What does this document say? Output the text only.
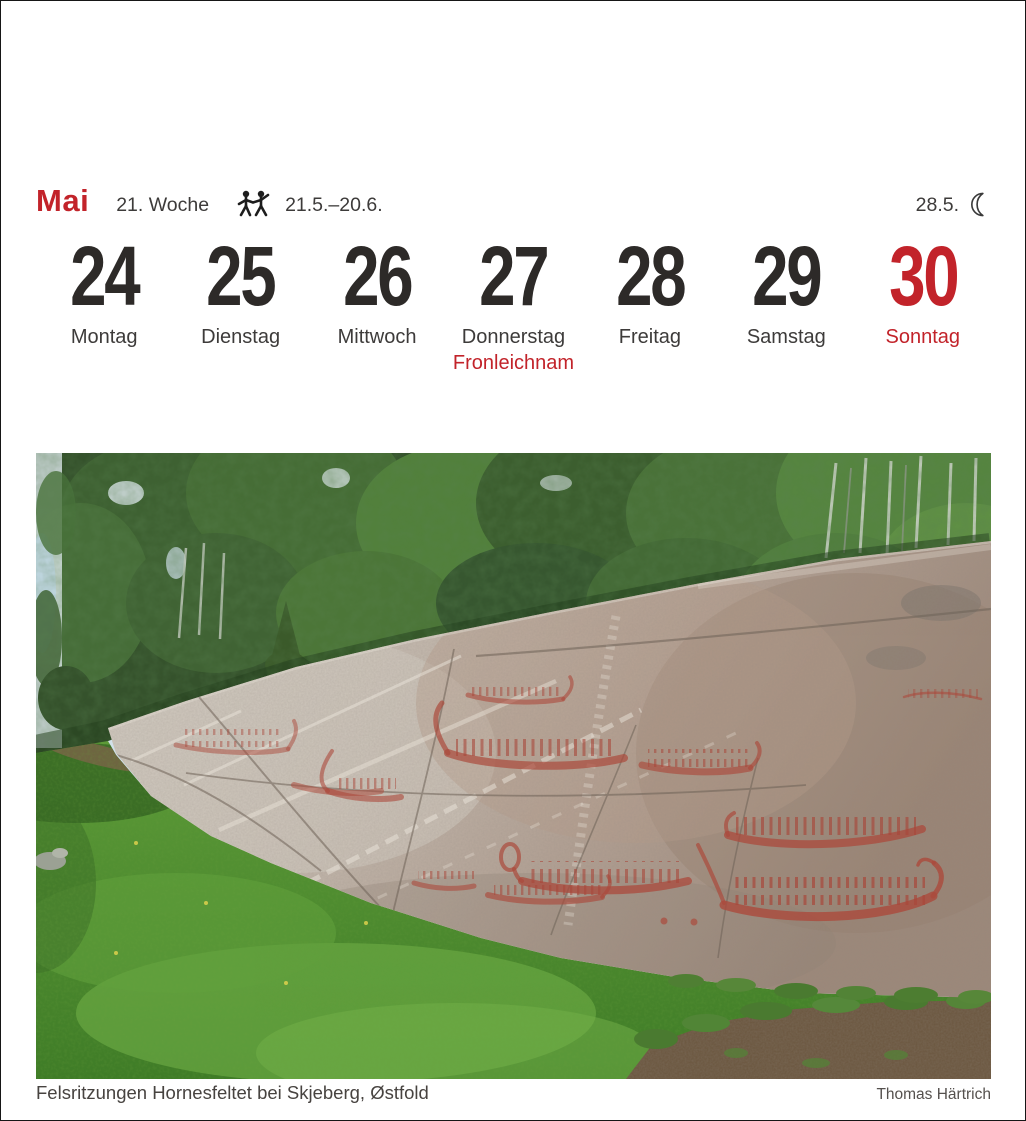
Mai 21. Woche	21.5.–20.6.	28.5.
24
Montag
25
Dienstag
26
Mittwoch
27
Donnerstag
Fronleichnam
28
Freitag
29
Samstag
30
Sonntag
Felsritzungen Hornesfeltet bei Skjeberg, Østfold	Thomas Härtrich
